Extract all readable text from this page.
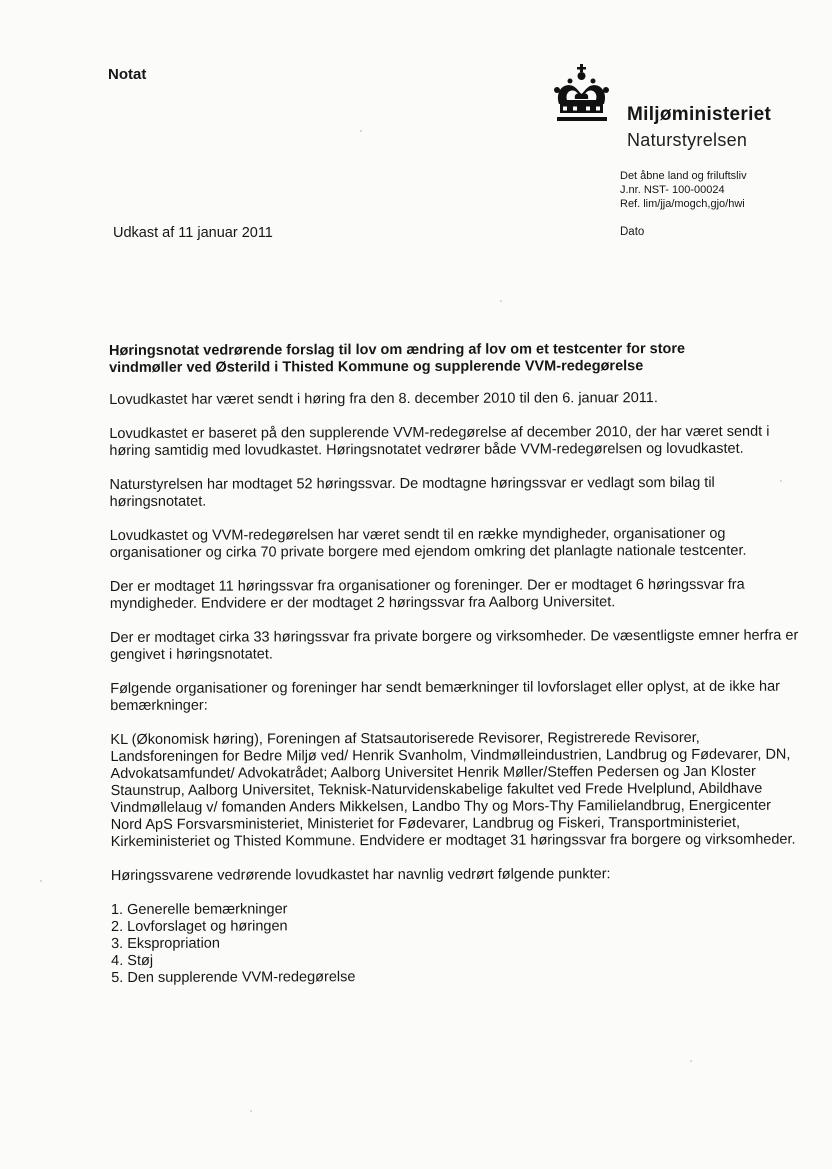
Notat
Miljøministeriet
Naturstyrelsen
Det åbne land og friluftsliv
J.nr. NST- 100-00024
Ref. lim/jja/mogch,gjo/hwi
Udkast af 11 januar 2011	Dato
Høringsnotat vedrørende forslag til lov om ændring af lov om et testcenter for store
vindmøller ved Østerild i Thisted Kommune og supplerende VVM-redegørelse

Lovudkastet har været sendt i høring fra den 8. december 2010 til den 6. januar 2011.

Lovudkastet er baseret på den supplerende VVM-redegørelse af december 2010, der har været sendt i høring samtidig med lovudkastet. Høringsnotatet vedrører både VVM-redegørelsen og lovudkastet.

Naturstyrelsen har modtaget 52 høringssvar. De modtagne høringssvar er vedlagt som bilag til høringsnotatet.

Lovudkastet og VVM-redegørelsen har været sendt til en række myndigheder, organisationer og organisationer og cirka 70 private borgere med ejendom omkring det planlagte nationale testcenter.

Der er modtaget 11 høringssvar fra organisationer og foreninger. Der er modtaget 6 høringssvar fra myndigheder. Endvidere er der modtaget 2 høringssvar fra Aalborg Universitet.

Der er modtaget cirka 33 høringssvar fra private borgere og virksomheder. De væsentligste emner herfra er gengivet i høringsnotatet.

Følgende organisationer og foreninger har sendt bemærkninger til lovforslaget eller oplyst, at de ikke har bemærkninger:

KL (Økonomisk høring), Foreningen af Statsautoriserede Revisorer, Registrerede Revisorer, Landsforeningen for Bedre Miljø ved/ Henrik Svanholm, Vindmølleindustrien, Landbrug og Fødevarer, DN, Advokatsamfundet/ Advokatrådet; Aalborg Universitet Henrik Møller/Steffen Pedersen og Jan Kloster Staunstrup, Aalborg Universitet, Teknisk-Naturvidenskabelige fakultet ved Frede Hvelplund, Abildhave Vindmøllelaug v/ fomanden Anders Mikkelsen, Landbo Thy og Mors-Thy Familielandbrug, Energicenter Nord ApS Forsvarsministeriet, Ministeriet for Fødevarer, Landbrug og Fiskeri, Transportministeriet, Kirkeministeriet og Thisted Kommune. Endvidere er modtaget 31 høringssvar fra borgere og virksomheder.

Høringssvarene vedrørende lovudkastet har navnlig vedrørt følgende punkter:

1. Generelle bemærkninger
2. Lovforslaget og høringen
3. Ekspropriation
4. Støj
5. Den supplerende VVM-redegørelse
